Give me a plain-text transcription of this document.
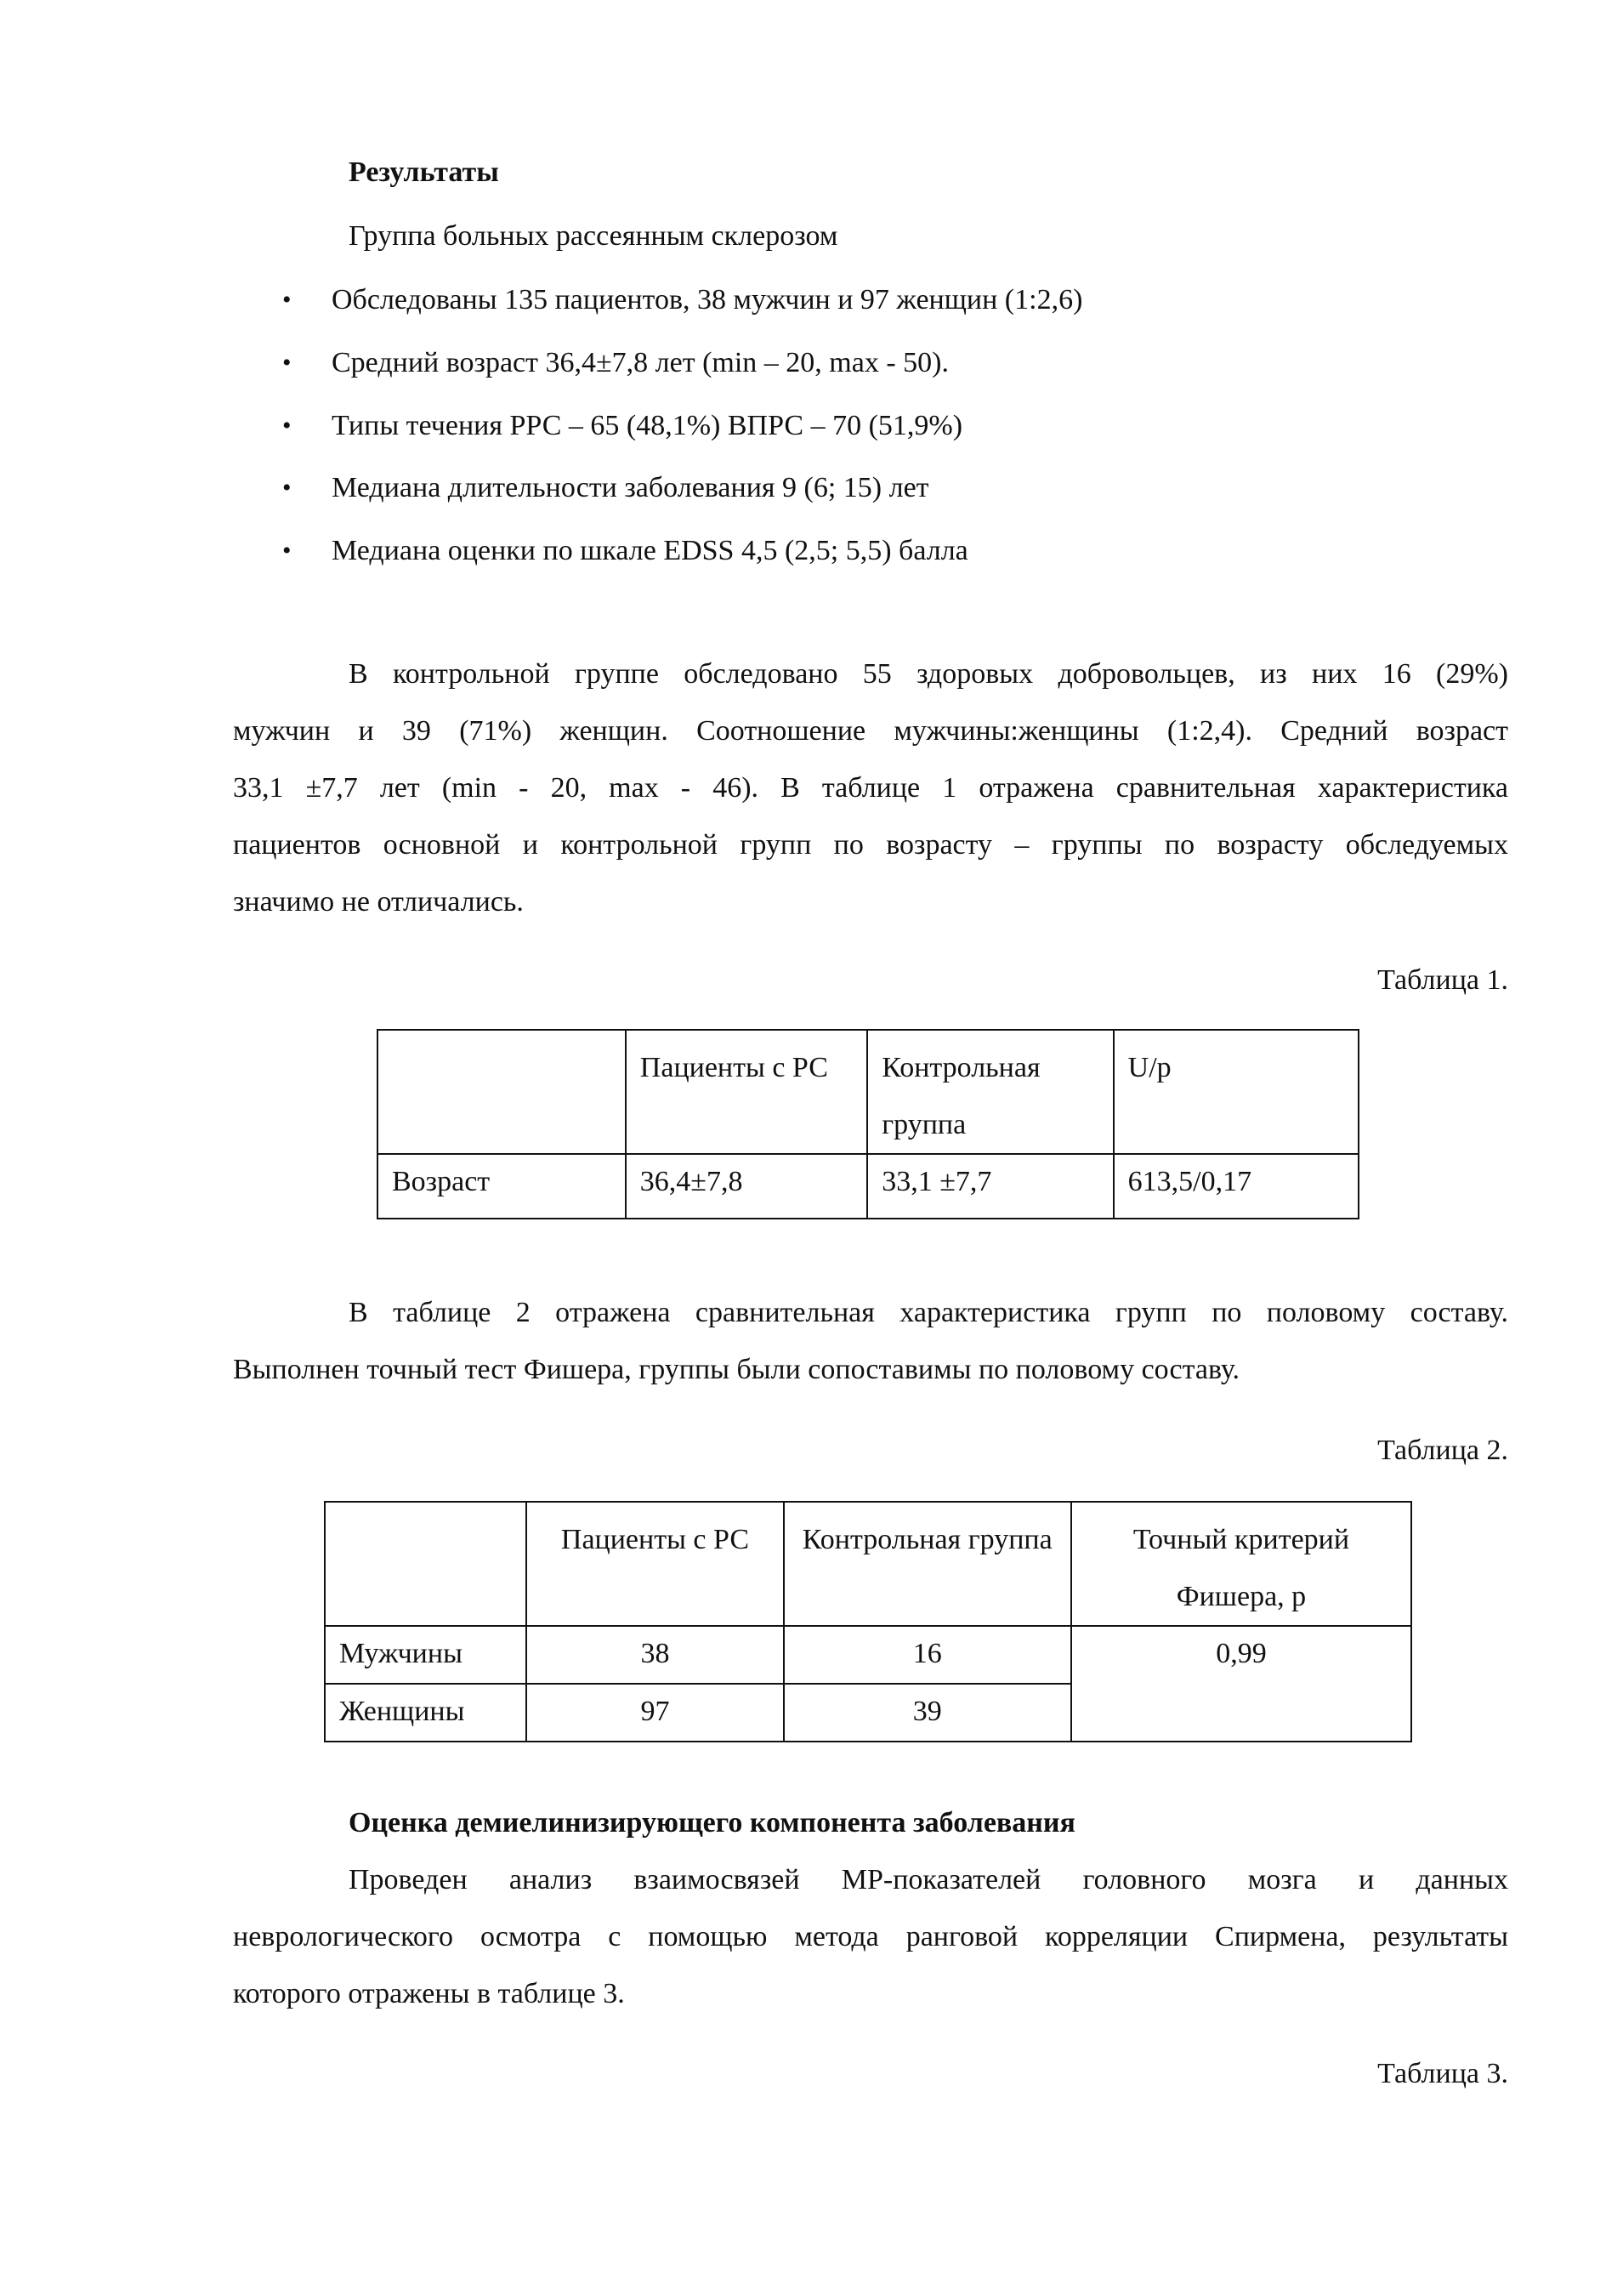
Результаты
Группа больных рассеянным склерозом
• Обследованы 135 пациентов, 38 мужчин и 97 женщин (1:2,6)
• Средний возраст 36,4±7,8 лет (min – 20, max - 50).
• Типы течения РРС – 65 (48,1%) ВПРС – 70 (51,9%)
• Медиана длительности заболевания 9 (6; 15) лет
• Медиана оценки по шкале EDSS 4,5 (2,5; 5,5) балла
В контрольной группе обследовано 55 здоровых добровольцев, из них 16 (29%)
мужчин и 39 (71%) женщин. Соотношение мужчины:женщины (1:2,4). Средний возраст
33,1 ±7,7 лет (min - 20, max - 46). В таблице 1 отражена сравнительная характеристика
пациентов основной и контрольной групп по возрасту – группы по возрасту обследуемых
значимо не отличались.
Таблица 1.

	Пациенты с РС	Контрольная группа	U/p

Возраст	36,4±7,8	33,1 ±7,7	613,5/0,17
В таблице 2 отражена сравнительная характеристика групп по половому составу.
Выполнен точный тест Фишера, группы были сопоставимы по половому составу.
Таблица 2.

	Пациенты с РС	Контрольная группа	Точный критерий Фишера, р

Мужчины	38	16	0,99

Женщины	97	39	
Оценка демиелинизирующего компонента заболевания
Проведен анализ взаимосвязей МР-показателей головного мозга и данных
неврологического осмотра с помощью метода ранговой корреляции Спирмена, результаты
которого отражены в таблице 3.
Таблица 3.
